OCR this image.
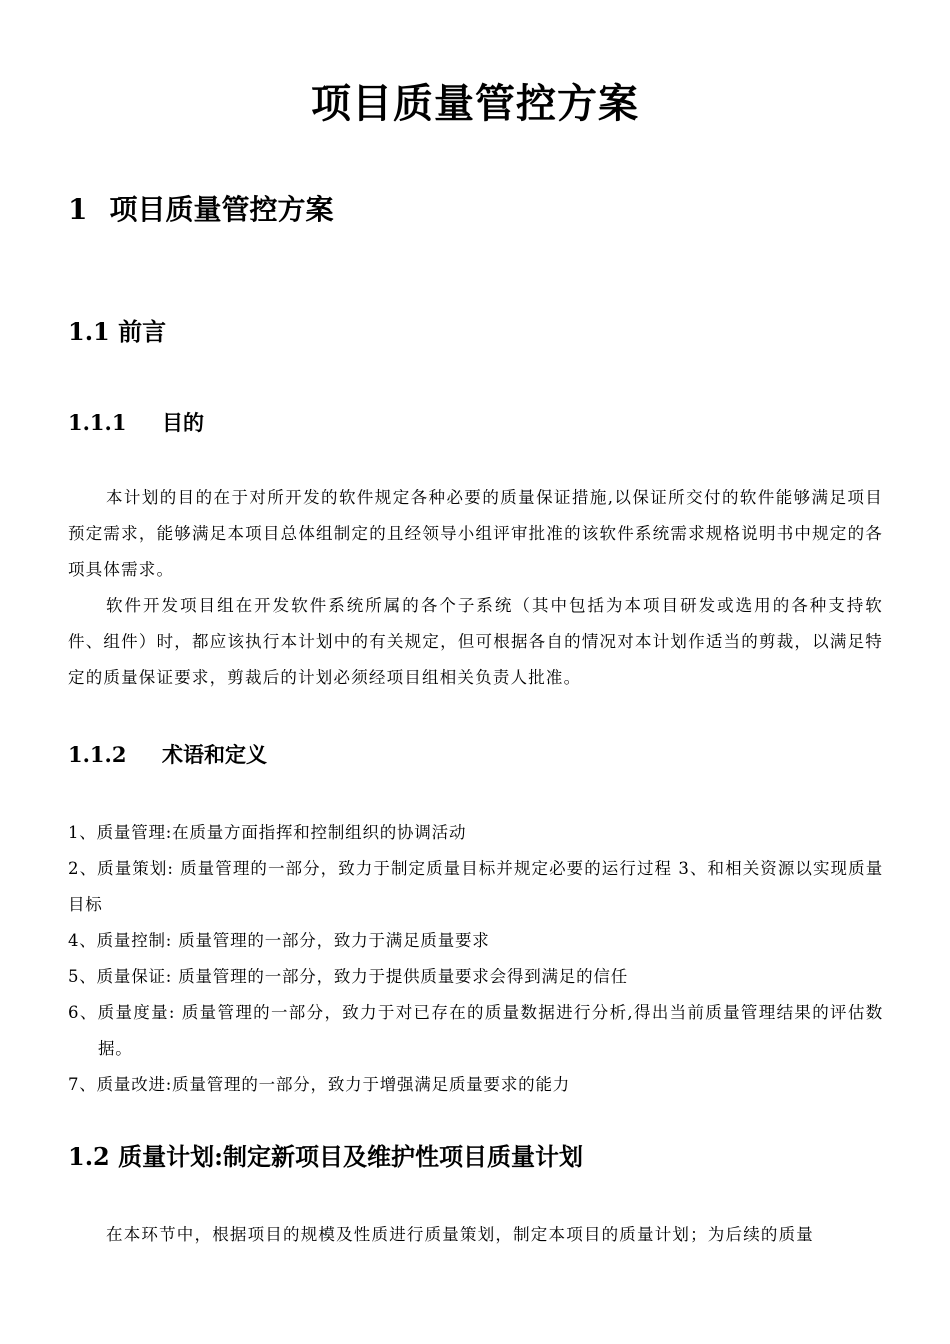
项目质量管控方案
1 项目质量管控方案
1.1 前言
1.1.1 目的

本计划的目的在于对所开发的软件规定各种必要的质量保证措施,以保证所交付的软件能够满足项目预定需求，能够满足本项目总体组制定的且经领导小组评审批准的该软件系统需求规格说明书中规定的各项具体需求。

软件开发项目组在开发软件系统所属的各个子系统（其中包括为本项目研发或选用的各种支持软件、组件）时，都应该执行本计划中的有关规定，但可根据各自的情况对本计划作适当的剪裁，以满足特定的质量保证要求，剪裁后的计划必须经项目组相关负责人批准。

1.1.2 术语和定义
1、质量管理:在质量方面指挥和控制组织的协调活动
2、质量策划: 质量管理的一部分，致力于制定质量目标并规定必要的运行过程 3、和相关资源以实现质量目标
4、质量控制: 质量管理的一部分，致力于满足质量要求
5、质量保证: 质量管理的一部分，致力于提供质量要求会得到满足的信任
6、质量度量: 质量管理的一部分，致力于对已存在的质量数据进行分析,得出当前质量管理结果的评估数据。
7、质量改进:质量管理的一部分，致力于增强满足质量要求的能力
1.2 质量计划:制定新项目及维护性项目质量计划

在本环节中，根据项目的规模及性质进行质量策划，制定本项目的质量计划；为后续的质量
